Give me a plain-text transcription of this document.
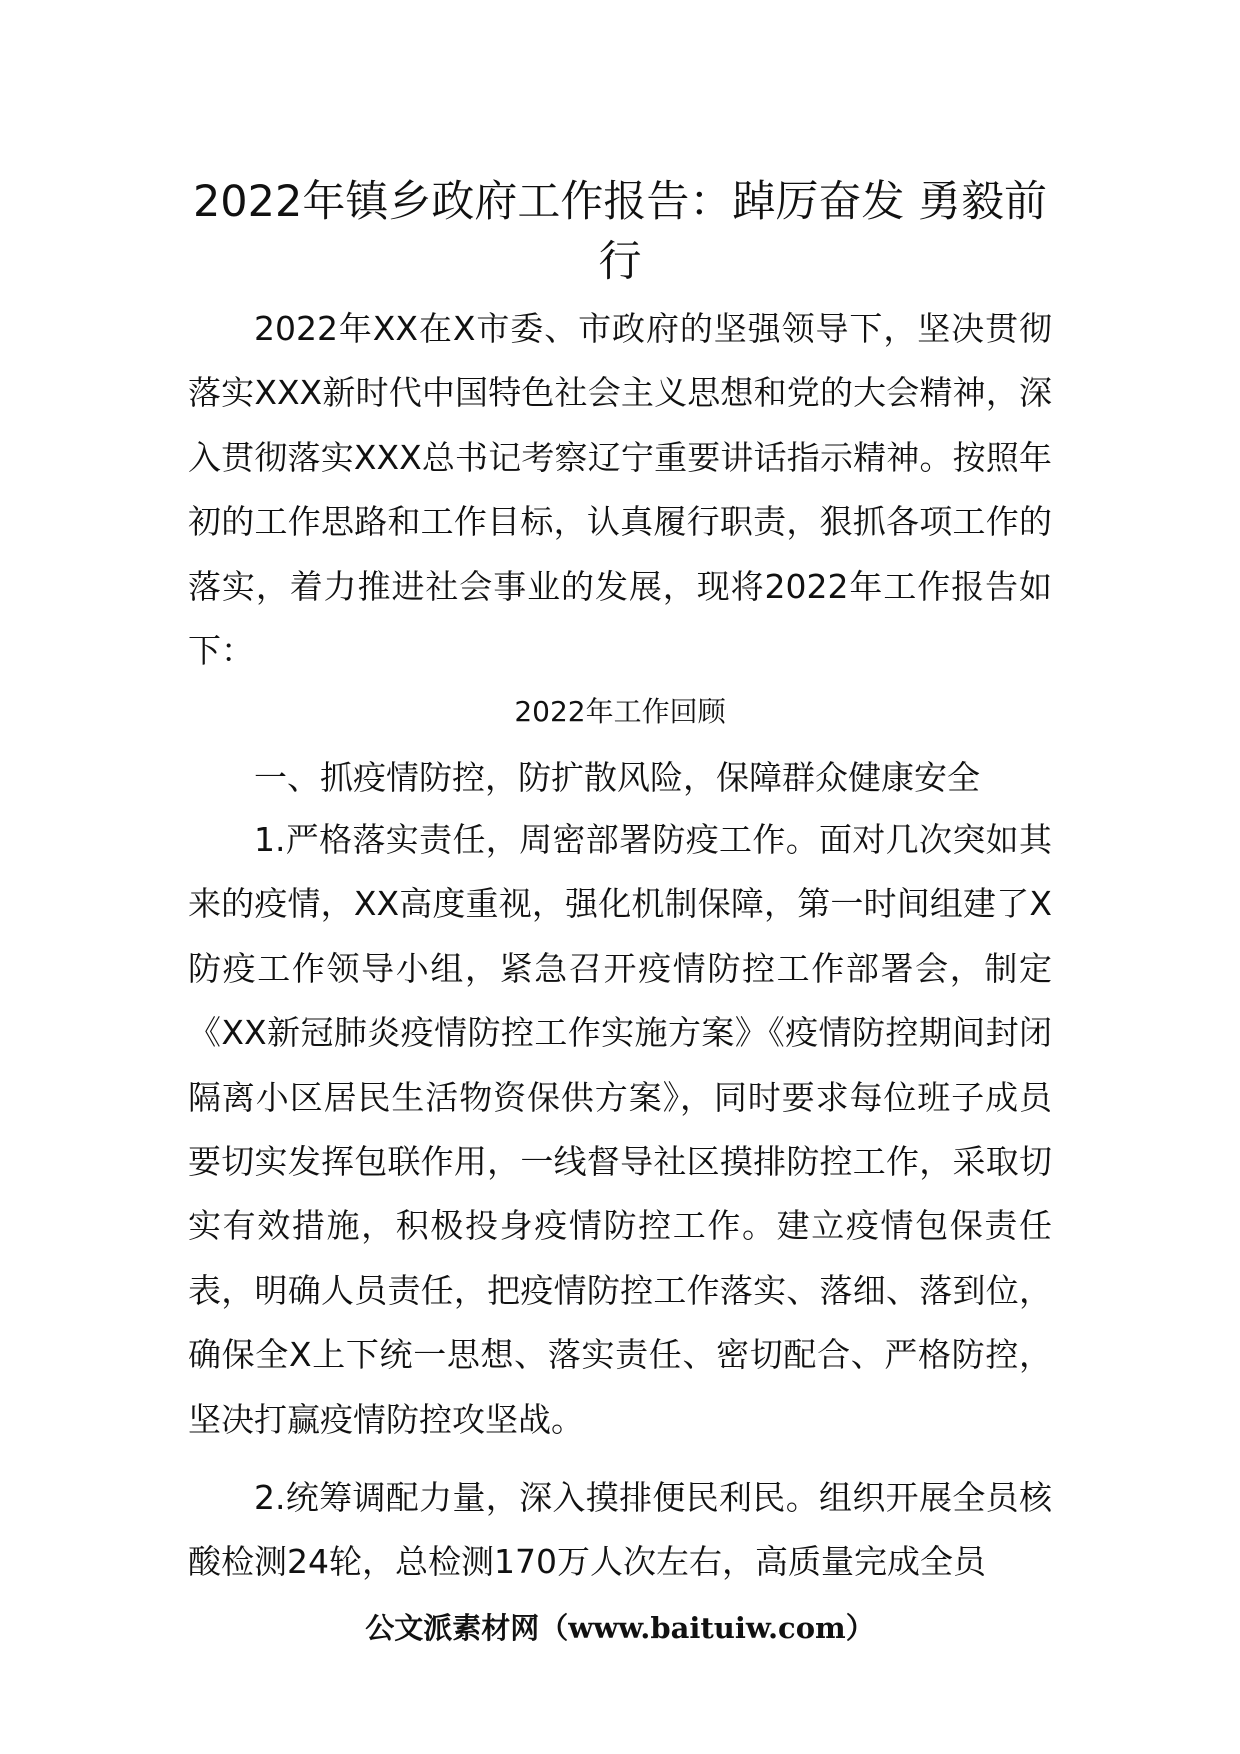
2022年镇乡政府工作报告：踔厉奋发 勇毅前行

2022年XX在X市委、市政府的坚强领导下，坚决贯彻落实XXX新时代中国特色社会主义思想和党的大会精神，深入贯彻落实XXX总书记考察辽宁重要讲话指示精神。按照年初的工作思路和工作目标，认真履行职责，狠抓各项工作的落实，着力推进社会事业的发展，现将2022年工作报告如下：

2022年工作回顾

一、抓疫情防控，防扩散风险，保障群众健康安全

1.严格落实责任，周密部署防疫工作。面对几次突如其来的疫情，XX高度重视，强化机制保障，第一时间组建了X防疫工作领导小组，紧急召开疫情防控工作部署会，制定《XX新冠肺炎疫情防控工作实施方案》《疫情防控期间封闭隔离小区居民生活物资保供方案》，同时要求每位班子成员要切实发挥包联作用，一线督导社区摸排防控工作，采取切实有效措施，积极投身疫情防控工作。建立疫情包保责任表，明确人员责任，把疫情防控工作落实、落细、落到位，确保全X上下统一思想、落实责任、密切配合、严格防控，坚决打赢疫情防控攻坚战。

2.统筹调配力量，深入摸排便民利民。组织开展全员核酸检测24轮，总检测170万人次左右，高质量完成全员

公文派素材网（www.baituiw.com）
